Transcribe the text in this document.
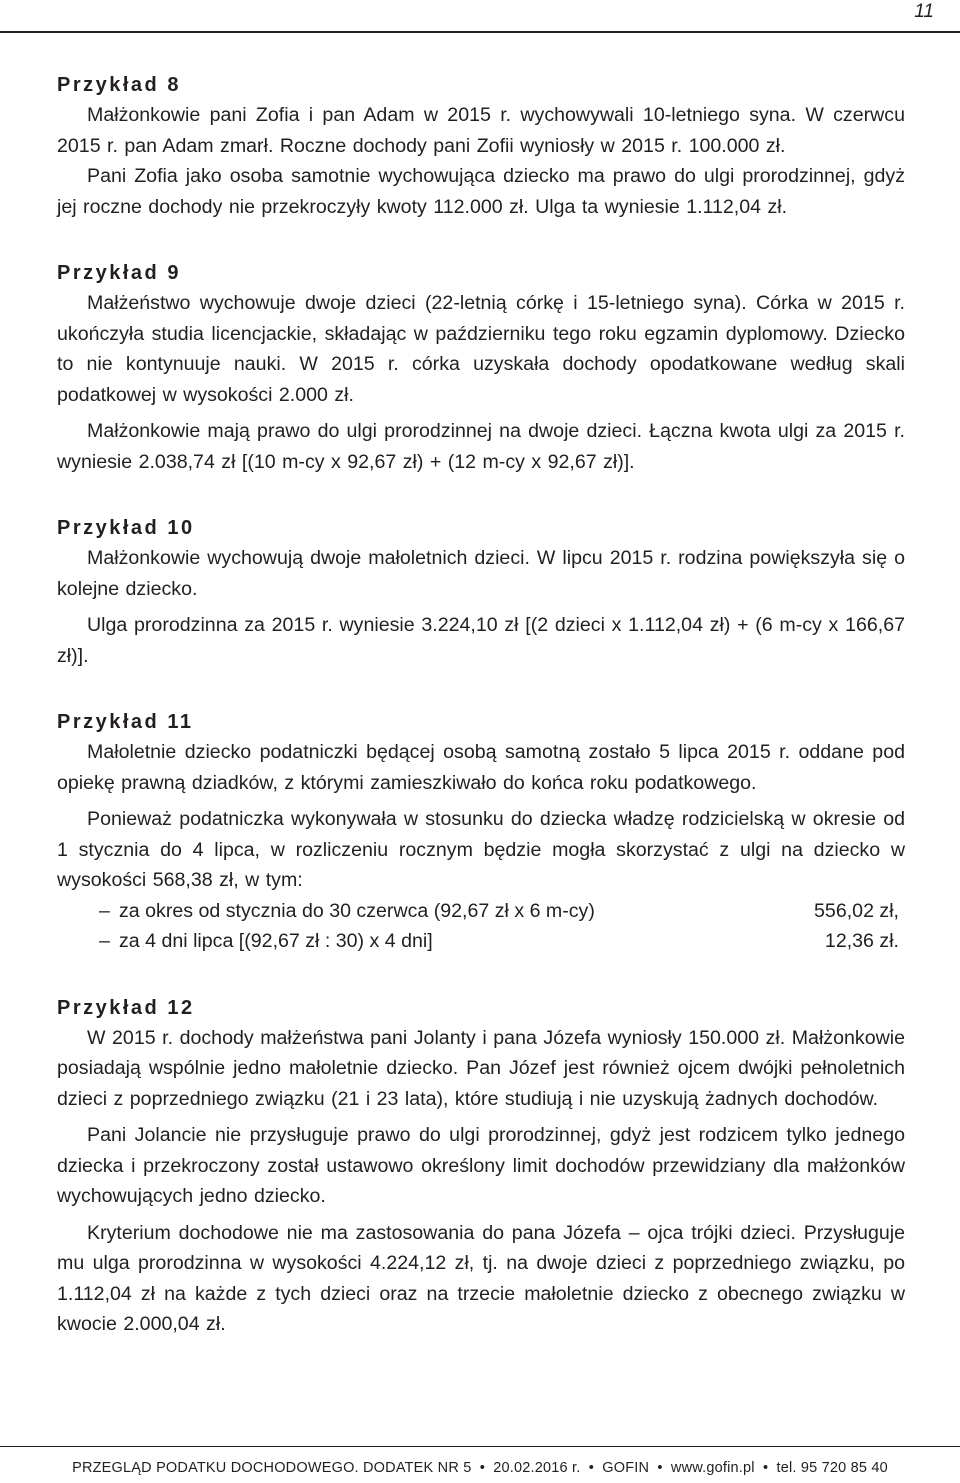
11
Przykład 8

Małżonkowie pani Zofia i pan Adam w 2015 r. wychowywali 10-letniego syna. W czerwcu 2015 r. pan Adam zmarł. Roczne dochody pani Zofii wyniosły w 2015 r. 100.000 zł.

Pani Zofia jako osoba samotnie wychowująca dziecko ma prawo do ulgi prorodzinnej, gdyż jej roczne dochody nie przekroczyły kwoty 112.000 zł. Ulga ta wyniesie 1.112,04 zł.

Przykład 9

Małżeństwo wychowuje dwoje dzieci (22-letnią córkę i 15-letniego syna). Córka w 2015 r. ukończyła studia licencjackie, składając w październiku tego roku egzamin dyplomowy. Dziecko to nie kontynuuje nauki. W 2015 r. córka uzyskała dochody opodatkowane według skali podatkowej w wysokości 2.000 zł.

Małżonkowie mają prawo do ulgi prorodzinnej na dwoje dzieci. Łączna kwota ulgi za 2015 r. wyniesie 2.038,74 zł [(10 m-cy x 92,67 zł) + (12 m-cy x 92,67 zł)].

Przykład 10

Małżonkowie wychowują dwoje małoletnich dzieci. W lipcu 2015 r. rodzina powiększyła się o kolejne dziecko.

Ulga prorodzinna za 2015 r. wyniesie 3.224,10 zł [(2 dzieci x 1.112,04 zł) + (6 m-cy x 166,67 zł)].

Przykład 11

Małoletnie dziecko podatniczki będącej osobą samotną zostało 5 lipca 2015 r. oddane pod opiekę prawną dziadków, z którymi zamieszkiwało do końca roku podatkowego.

Ponieważ podatniczka wykonywała w stosunku do dziecka władzę rodzicielską w okresie od 1 stycznia do 4 lipca, w rozliczeniu rocznym będzie mogła skorzystać z ulgi na dziecko w wysokości 568,38 zł, w tym:

– za okres od stycznia do 30 czerwca (92,67 zł x 6 m-cy)	556,02 zł,
– za 4 dni lipca [(92,67 zł : 30) x 4 dni]	12,36 zł.
Przykład 12

W 2015 r. dochody małżeństwa pani Jolanty i pana Józefa wyniosły 150.000 zł. Małżonkowie posiadają wspólnie jedno małoletnie dziecko. Pan Józef jest również ojcem dwójki pełnoletnich dzieci z poprzedniego związku (21 i 23 lata), które studiują i nie uzyskują żadnych dochodów.

Pani Jolancie nie przysługuje prawo do ulgi prorodzinnej, gdyż jest rodzicem tylko jednego dziecka i przekroczony został ustawowo określony limit dochodów przewidziany dla małżonków wychowujących jedno dziecko.

Kryterium dochodowe nie ma zastosowania do pana Józefa – ojca trójki dzieci. Przysługuje mu ulga prorodzinna w wysokości 4.224,12 zł, tj. na dwoje dzieci z poprzedniego związku, po 1.112,04 zł na każde z tych dzieci oraz na trzecie małoletnie dziecko z obecnego związku w kwocie 2.000,04 zł.

PRZEGLĄD PODATKU DOCHODOWEGO. DODATEK NR 5 • 20.02.2016 r. • GOFIN • www.gofin.pl • tel. 95 720 85 40
